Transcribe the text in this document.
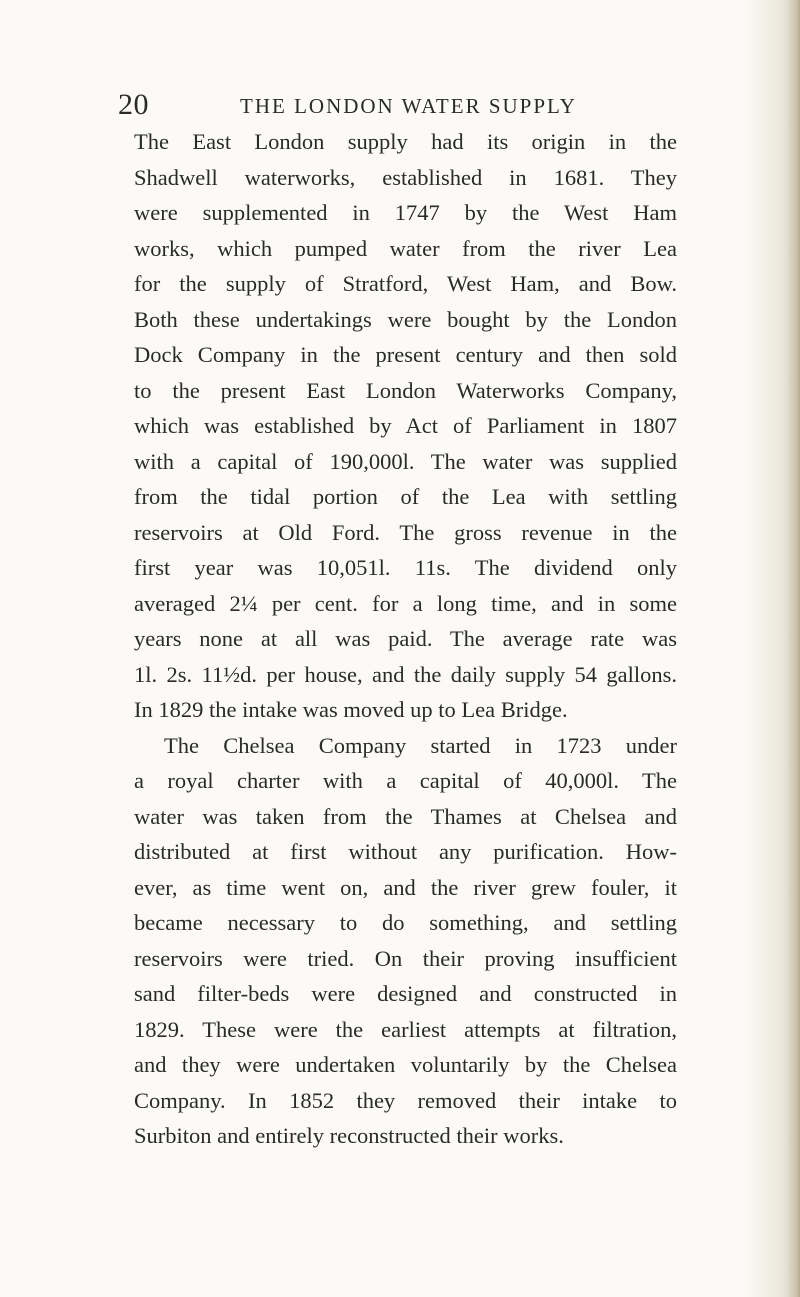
20	THE LONDON WATER SUPPLY
The East London supply had its origin in the
Shadwell waterworks, established in 1681. They
were supplemented in 1747 by the West Ham
works, which pumped water from the river Lea
for the supply of Stratford, West Ham, and Bow.
Both these undertakings were bought by the London
Dock Company in the present century and then sold
to the present East London Waterworks Company,
which was established by Act of Parliament in 1807
with a capital of 190,000l. The water was supplied
from the tidal portion of the Lea with settling
reservoirs at Old Ford. The gross revenue in the
first year was 10,051l. 11s. The dividend only
averaged 2¼ per cent. for a long time, and in some
years none at all was paid. The average rate was
1l. 2s. 11½d. per house, and the daily supply 54 gallons.
In 1829 the intake was moved up to Lea Bridge.
The Chelsea Company started in 1723 under
a royal charter with a capital of 40,000l. The
water was taken from the Thames at Chelsea and
distributed at first without any purification. How-
ever, as time went on, and the river grew fouler, it
became necessary to do something, and settling
reservoirs were tried. On their proving insufficient
sand filter-beds were designed and constructed in
1829. These were the earliest attempts at filtration,
and they were undertaken voluntarily by the Chelsea
Company. In 1852 they removed their intake to
Surbiton and entirely reconstructed their works.
